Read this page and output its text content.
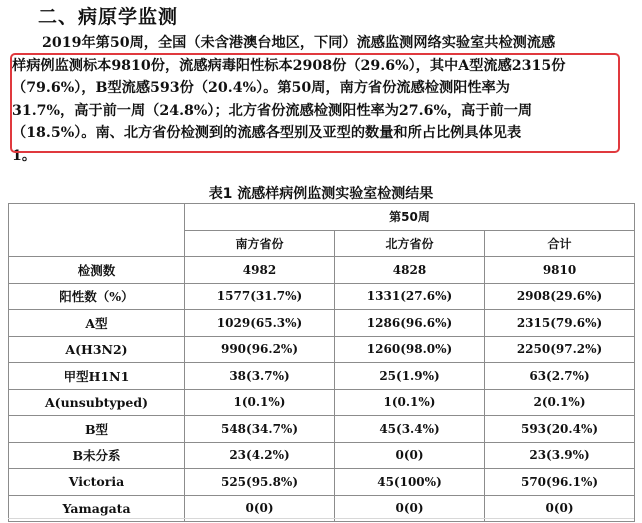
二、病原学监测
2019年第50周，全国（未含港澳台地区，下同）流感监测网络实验室共检测流感
样病例监测标本9810份，流感病毒阳性标本2908份（29.6%），其中A型流感2315份
（79.6%），B型流感593份（20.4%）。第50周，南方省份流感检测阳性率为
31.7%，高于前一周（24.8%）；北方省份流感检测阳性率为27.6%，高于前一周
（18.5%）。南、北方省份检测到的流感各型别及亚型的数量和所占比例具体见表
1。
表1 流感样病例监测实验室检测结果
	第50周		
	南方省份	北方省份	合计
检测数	4982	4828	9810
阳性数（%）	1577(31.7%)	1331(27.6%)	2908(29.6%)
A型	1029(65.3%)	1286(96.6%)	2315(79.6%)
A(H3N2)	990(96.2%)	1260(98.0%)	2250(97.2%)
甲型H1N1	38(3.7%)	25(1.9%)	63(2.7%)
A(unsubtyped)	1(0.1%)	1(0.1%)	2(0.1%)
B型	548(34.7%)	45(3.4%)	593(20.4%)
B未分系	23(4.2%)	0(0)	23(3.9%)
Victoria	525(95.8%)	45(100%)	570(96.1%)
Yamagata	0(0)	0(0)	0(0)
